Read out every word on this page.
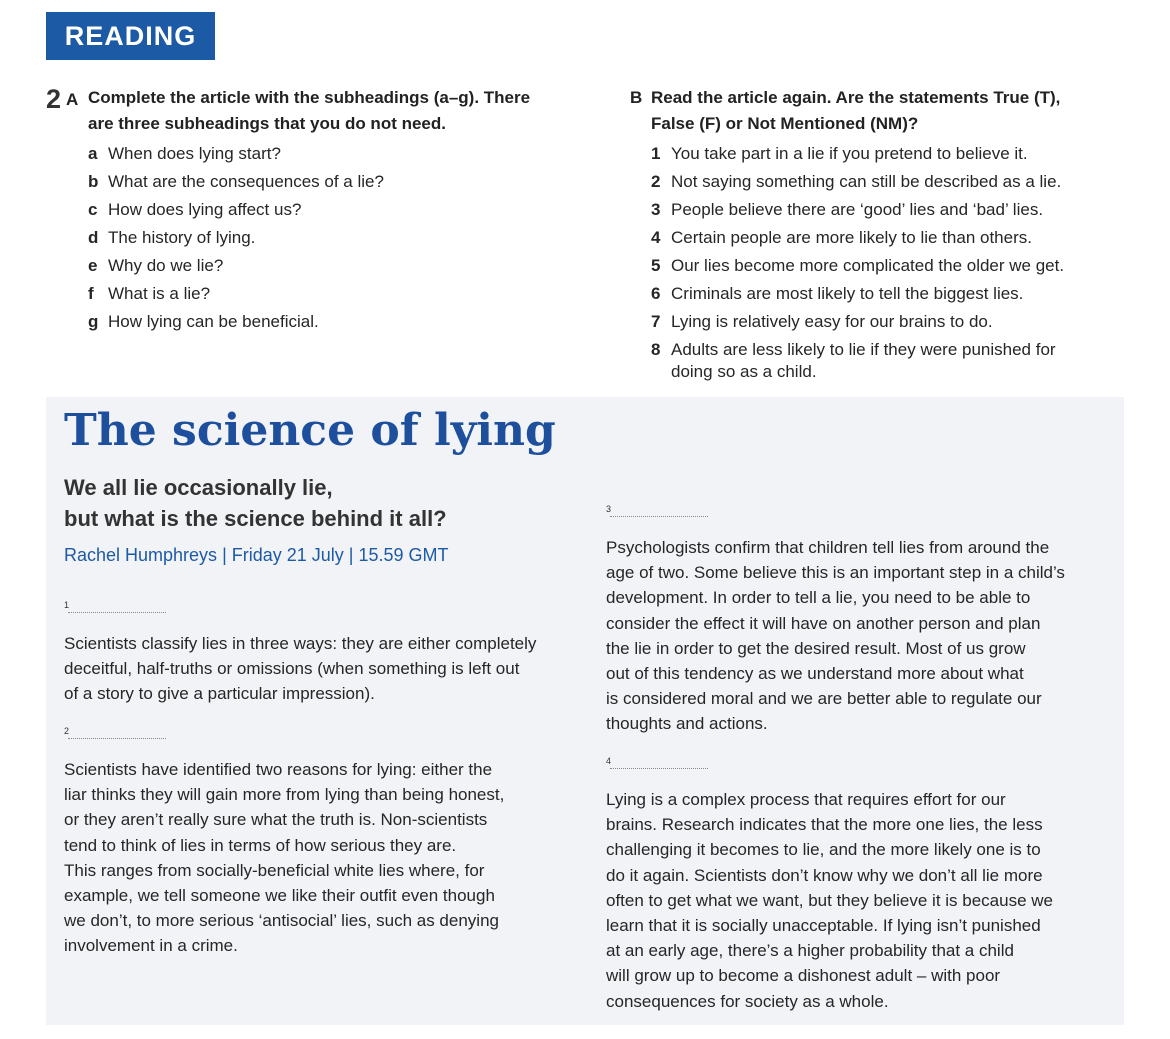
READING
2 A Complete the article with the subheadings (a–g). There
are three subheadings that you do not need.
a When does lying start?
b What are the consequences of a lie?
c How does lying affect us?
d The history of lying.
e Why do we lie?
f What is a lie?
g How lying can be beneficial.
B Read the article again. Are the statements True (T),
False (F) or Not Mentioned (NM)?
1 You take part in a lie if you pretend to believe it.
2 Not saying something can still be described as a lie.
3 People believe there are ‘good’ lies and ‘bad’ lies.
4 Certain people are more likely to lie than others.
5 Our lies become more complicated the older we get.
6 Criminals are most likely to tell the biggest lies.
7 Lying is relatively easy for our brains to do.
8 Adults are less likely to lie if they were punished for
doing so as a child.
The science of lying
We all lie occasionally lie,
but what is the science behind it all?
Rachel Humphreys | Friday 21 July | 15.59 GMT
1
Scientists classify lies in three ways: they are either completely
deceitful, half-truths or omissions (when something is left out
of a story to give a particular impression).
2
Scientists have identified two reasons for lying: either the
liar thinks they will gain more from lying than being honest,
or they aren’t really sure what the truth is. Non-scientists
tend to think of lies in terms of how serious they are.
This ranges from socially-beneficial white lies where, for
example, we tell someone we like their outfit even though
we don’t, to more serious ‘antisocial’ lies, such as denying
involvement in a crime.
3
Psychologists confirm that children tell lies from around the
age of two. Some believe this is an important step in a child’s
development. In order to tell a lie, you need to be able to
consider the effect it will have on another person and plan
the lie in order to get the desired result. Most of us grow
out of this tendency as we understand more about what
is considered moral and we are better able to regulate our
thoughts and actions.
4
Lying is a complex process that requires effort for our
brains. Research indicates that the more one lies, the less
challenging it becomes to lie, and the more likely one is to
do it again. Scientists don’t know why we don’t all lie more
often to get what we want, but they believe it is because we
learn that it is socially unacceptable. If lying isn’t punished
at an early age, there’s a higher probability that a child
will grow up to become a dishonest adult – with poor
consequences for society as a whole.
